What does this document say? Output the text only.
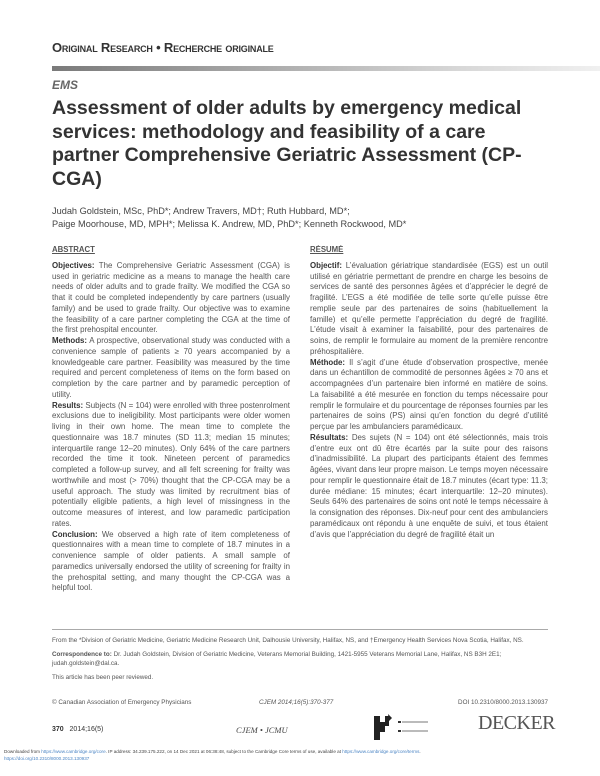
Original Research • Recherche originale
EMS
Assessment of older adults by emergency medical services: methodology and feasibility of a care partner Comprehensive Geriatric Assessment (CP-CGA)
Judah Goldstein, MSc, PhD*; Andrew Travers, MD†; Ruth Hubbard, MD*;
Paige Moorhouse, MD, MPH*; Melissa K. Andrew, MD, PhD*; Kenneth Rockwood, MD*
ABSTRACT

Objectives: The Comprehensive Geriatric Assessment (CGA) is used in geriatric medicine as a means to manage the health care needs of older adults and to grade frailty. We modified the CGA so that it could be completed independently by care partners (usually family) and be used to grade frailty. Our objective was to examine the feasibility of a care partner completing the CGA at the time of the first prehospital encounter.

Methods: A prospective, observational study was conducted with a convenience sample of patients ≥ 70 years accompanied by a knowledgeable care partner. Feasibility was measured by the time required and percent completeness of items on the form based on completion by the care partner and by paramedic perception of utility.

Results: Subjects (N = 104) were enrolled with three postenrolment exclusions due to ineligibility. Most participants were older women living in their own home. The mean time to complete the questionnaire was 18.7 minutes (SD 11.3; median 15 minutes; interquartile range 12–20 minutes). Only 64% of the care partners recorded the time it took. Nineteen percent of paramedics completed a follow-up survey, and all felt screening for frailty was worthwhile and most (> 70%) thought that the CP-CGA may be a useful approach. The study was limited by recruitment bias of potentially eligible patients, a high level of missingness in the outcome measures of interest, and low paramedic participation rates.

Conclusion: We observed a high rate of item completeness of questionnaires with a mean time to complete of 18.7 minutes in a convenience sample of older patients. A small sample of paramedics universally endorsed the utility of screening for frailty in the prehospital setting, and many thought the CP-CGA was a helpful tool.

RÉSUMÉ

Objectif: L’évaluation gériatrique standardisée (EGS) est un outil utilisé en gériatrie permettant de prendre en charge les besoins de services de santé des personnes âgées et d’apprécier le degré de fragilité. L’EGS a été modifiée de telle sorte qu’elle puisse être remplie seule par des partenaires de soins (habituellement la famille) et qu’elle permette l’appréciation du degré de fragilité. L’étude visait à examiner la faisabilité, pour des partenaires de soins, de remplir le formulaire au moment de la première rencontre préhospitalière.

Méthode: Il s’agit d’une étude d’observation prospective, menée dans un échantillon de commodité de personnes âgées ≥ 70 ans et accompagnées d’un partenaire bien informé en matière de soins. La faisabilité a été mesurée en fonction du temps nécessaire pour remplir le formulaire et du pourcentage de réponses fournies par les partenaires de soins (PS) ainsi qu’en fonction du degré d’utilité perçue par les ambulanciers paramédicaux.

Résultats: Des sujets (N = 104) ont été sélectionnés, mais trois d’entre eux ont dû être écartés par la suite pour des raisons d’inadmissibilité. La plupart des participants étaient des femmes âgées, vivant dans leur propre maison. Le temps moyen nécessaire pour remplir le questionnaire était de 18.7 minutes (écart type: 11.3; durée médiane: 15 minutes; écart interquartile: 12–20 minutes). Seuls 64% des partenaires de soins ont noté le temps nécessaire à la consignation des réponses. Dix-neuf pour cent des ambulanciers paramédicaux ont répondu à une enquête de suivi, et tous étaient d’avis que l’appréciation du degré de fragilité était un

From the *Division of Geriatric Medicine, Geriatric Medicine Research Unit, Dalhousie University, Halifax, NS, and †Emergency Health Services Nova Scotia, Halifax, NS.

Correspondence to: Dr. Judah Goldstein, Division of Geriatric Medicine, Veterans Memorial Building, 1421-5955 Veterans Memorial Lane, Halifax, NS B3H 2E1; judah.goldstein@dal.ca.

This article has been peer reviewed.

© Canadian Association of Emergency Physicians	CJEM 2014;16(5):370-377	DOI 10.2310/8000.2013.130937
370 2014;16(5)	CJEM • JCMU	DECKER
Downloaded from https://www.cambridge.org/core. IP address: 34.239.175.222, on 14 Dec 2021 at 06:38:48, subject to the Cambridge Core terms of use, available at https://www.cambridge.org/core/terms.
https://doi.org/10.2310/8000.2013.130937
